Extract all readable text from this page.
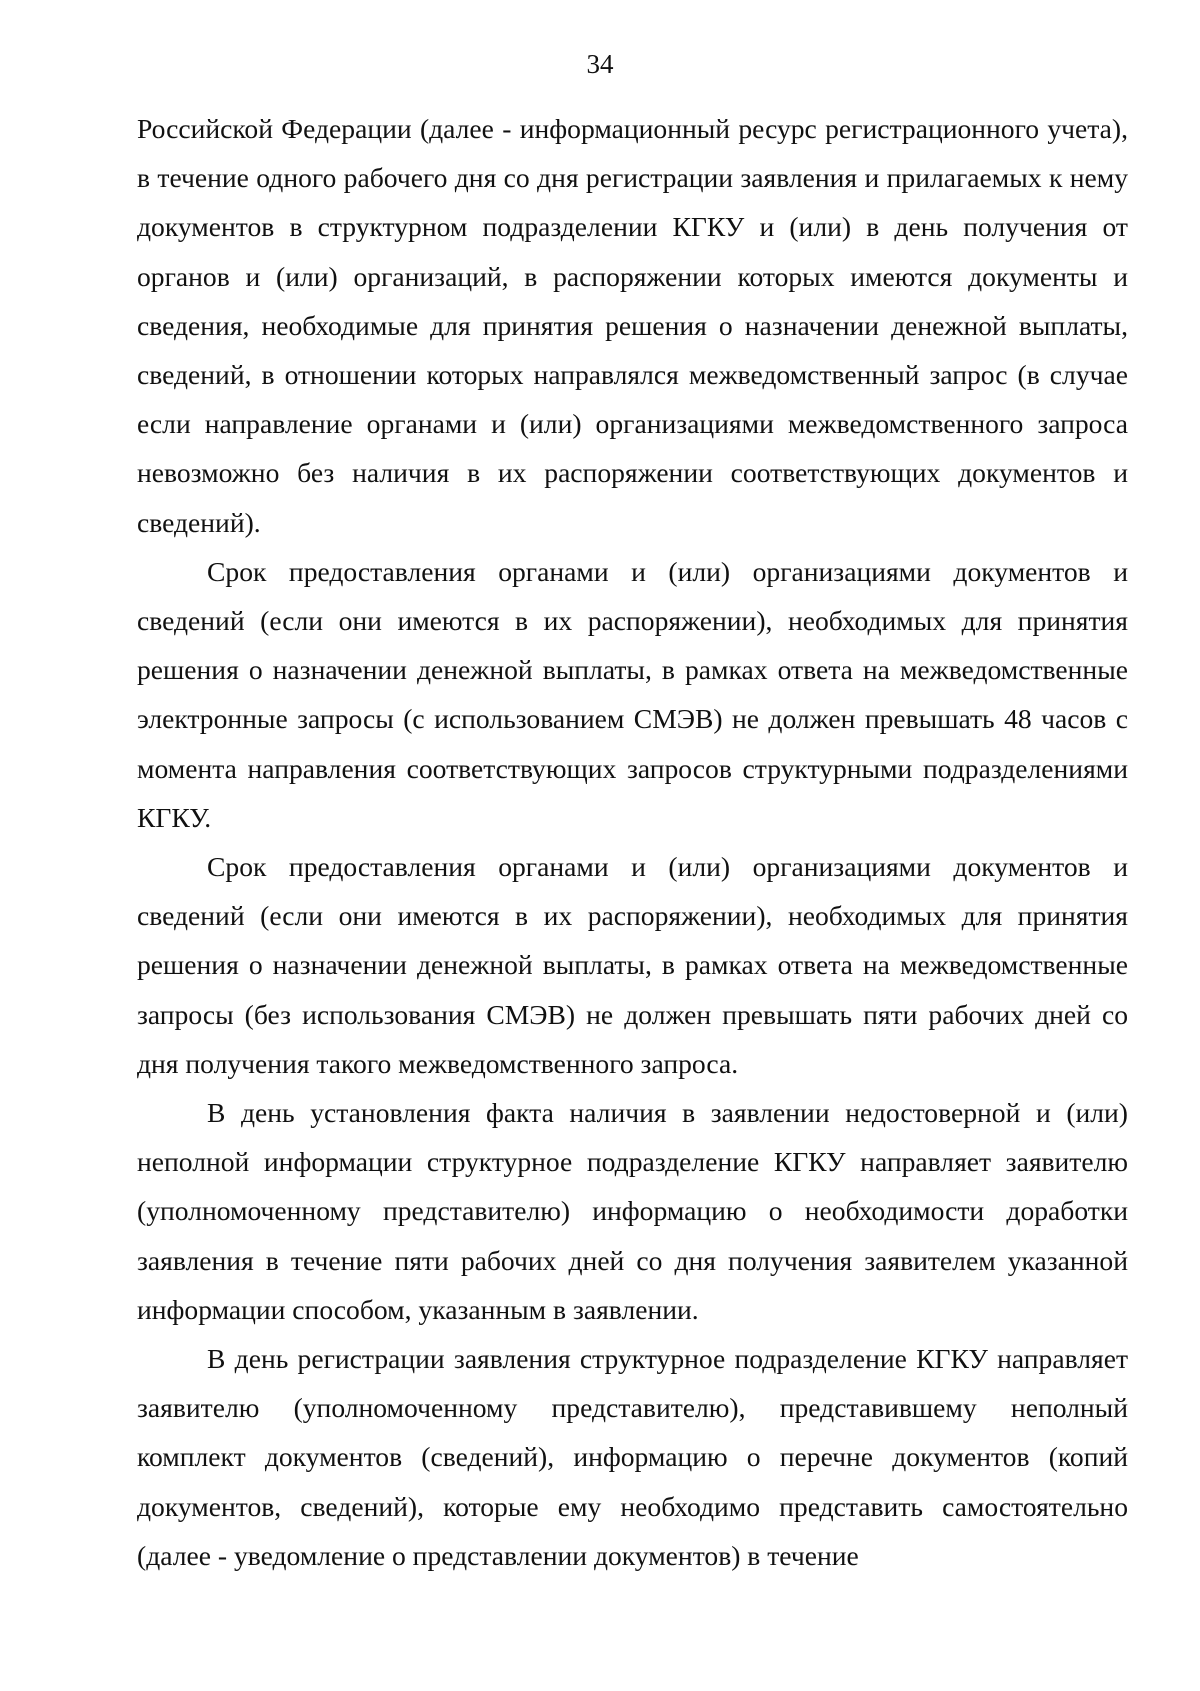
34

Российской Федерации (далее - информационный ресурс регистрационного учета), в течение одного рабочего дня со дня регистрации заявления и прилагаемых к нему документов в структурном подразделении КГКУ и (или) в день получения от органов и (или) организаций, в распоряжении которых имеются документы и сведения, необходимые для принятия решения о назначении денежной выплаты, сведений, в отношении которых направлялся межведомственный запрос (в случае если направление органами и (или) организациями межведомственного запроса невозможно без наличия в их распоряжении соответствующих документов и сведений).

Срок предоставления органами и (или) организациями документов и сведений (если они имеются в их распоряжении), необходимых для принятия решения о назначении денежной выплаты, в рамках ответа на межведомственные электронные запросы (с использованием СМЭВ) не должен превышать 48 часов с момента направления соответствующих запросов структурными подразделениями КГКУ.

Срок предоставления органами и (или) организациями документов и сведений (если они имеются в их распоряжении), необходимых для принятия решения о назначении денежной выплаты, в рамках ответа на межведомственные запросы (без использования СМЭВ) не должен превышать пяти рабочих дней со дня получения такого межведомственного запроса.

В день установления факта наличия в заявлении недостоверной и (или) неполной информации структурное подразделение КГКУ направляет заявителю (уполномоченному представителю) информацию о необходимости доработки заявления в течение пяти рабочих дней со дня получения заявителем указанной информации способом, указанным в заявлении.

В день регистрации заявления структурное подразделение КГКУ направляет заявителю (уполномоченному представителю), представившему неполный комплект документов (сведений), информацию о перечне документов (копий документов, сведений), которые ему необходимо представить самостоятельно (далее - уведомление о представлении документов) в течение
